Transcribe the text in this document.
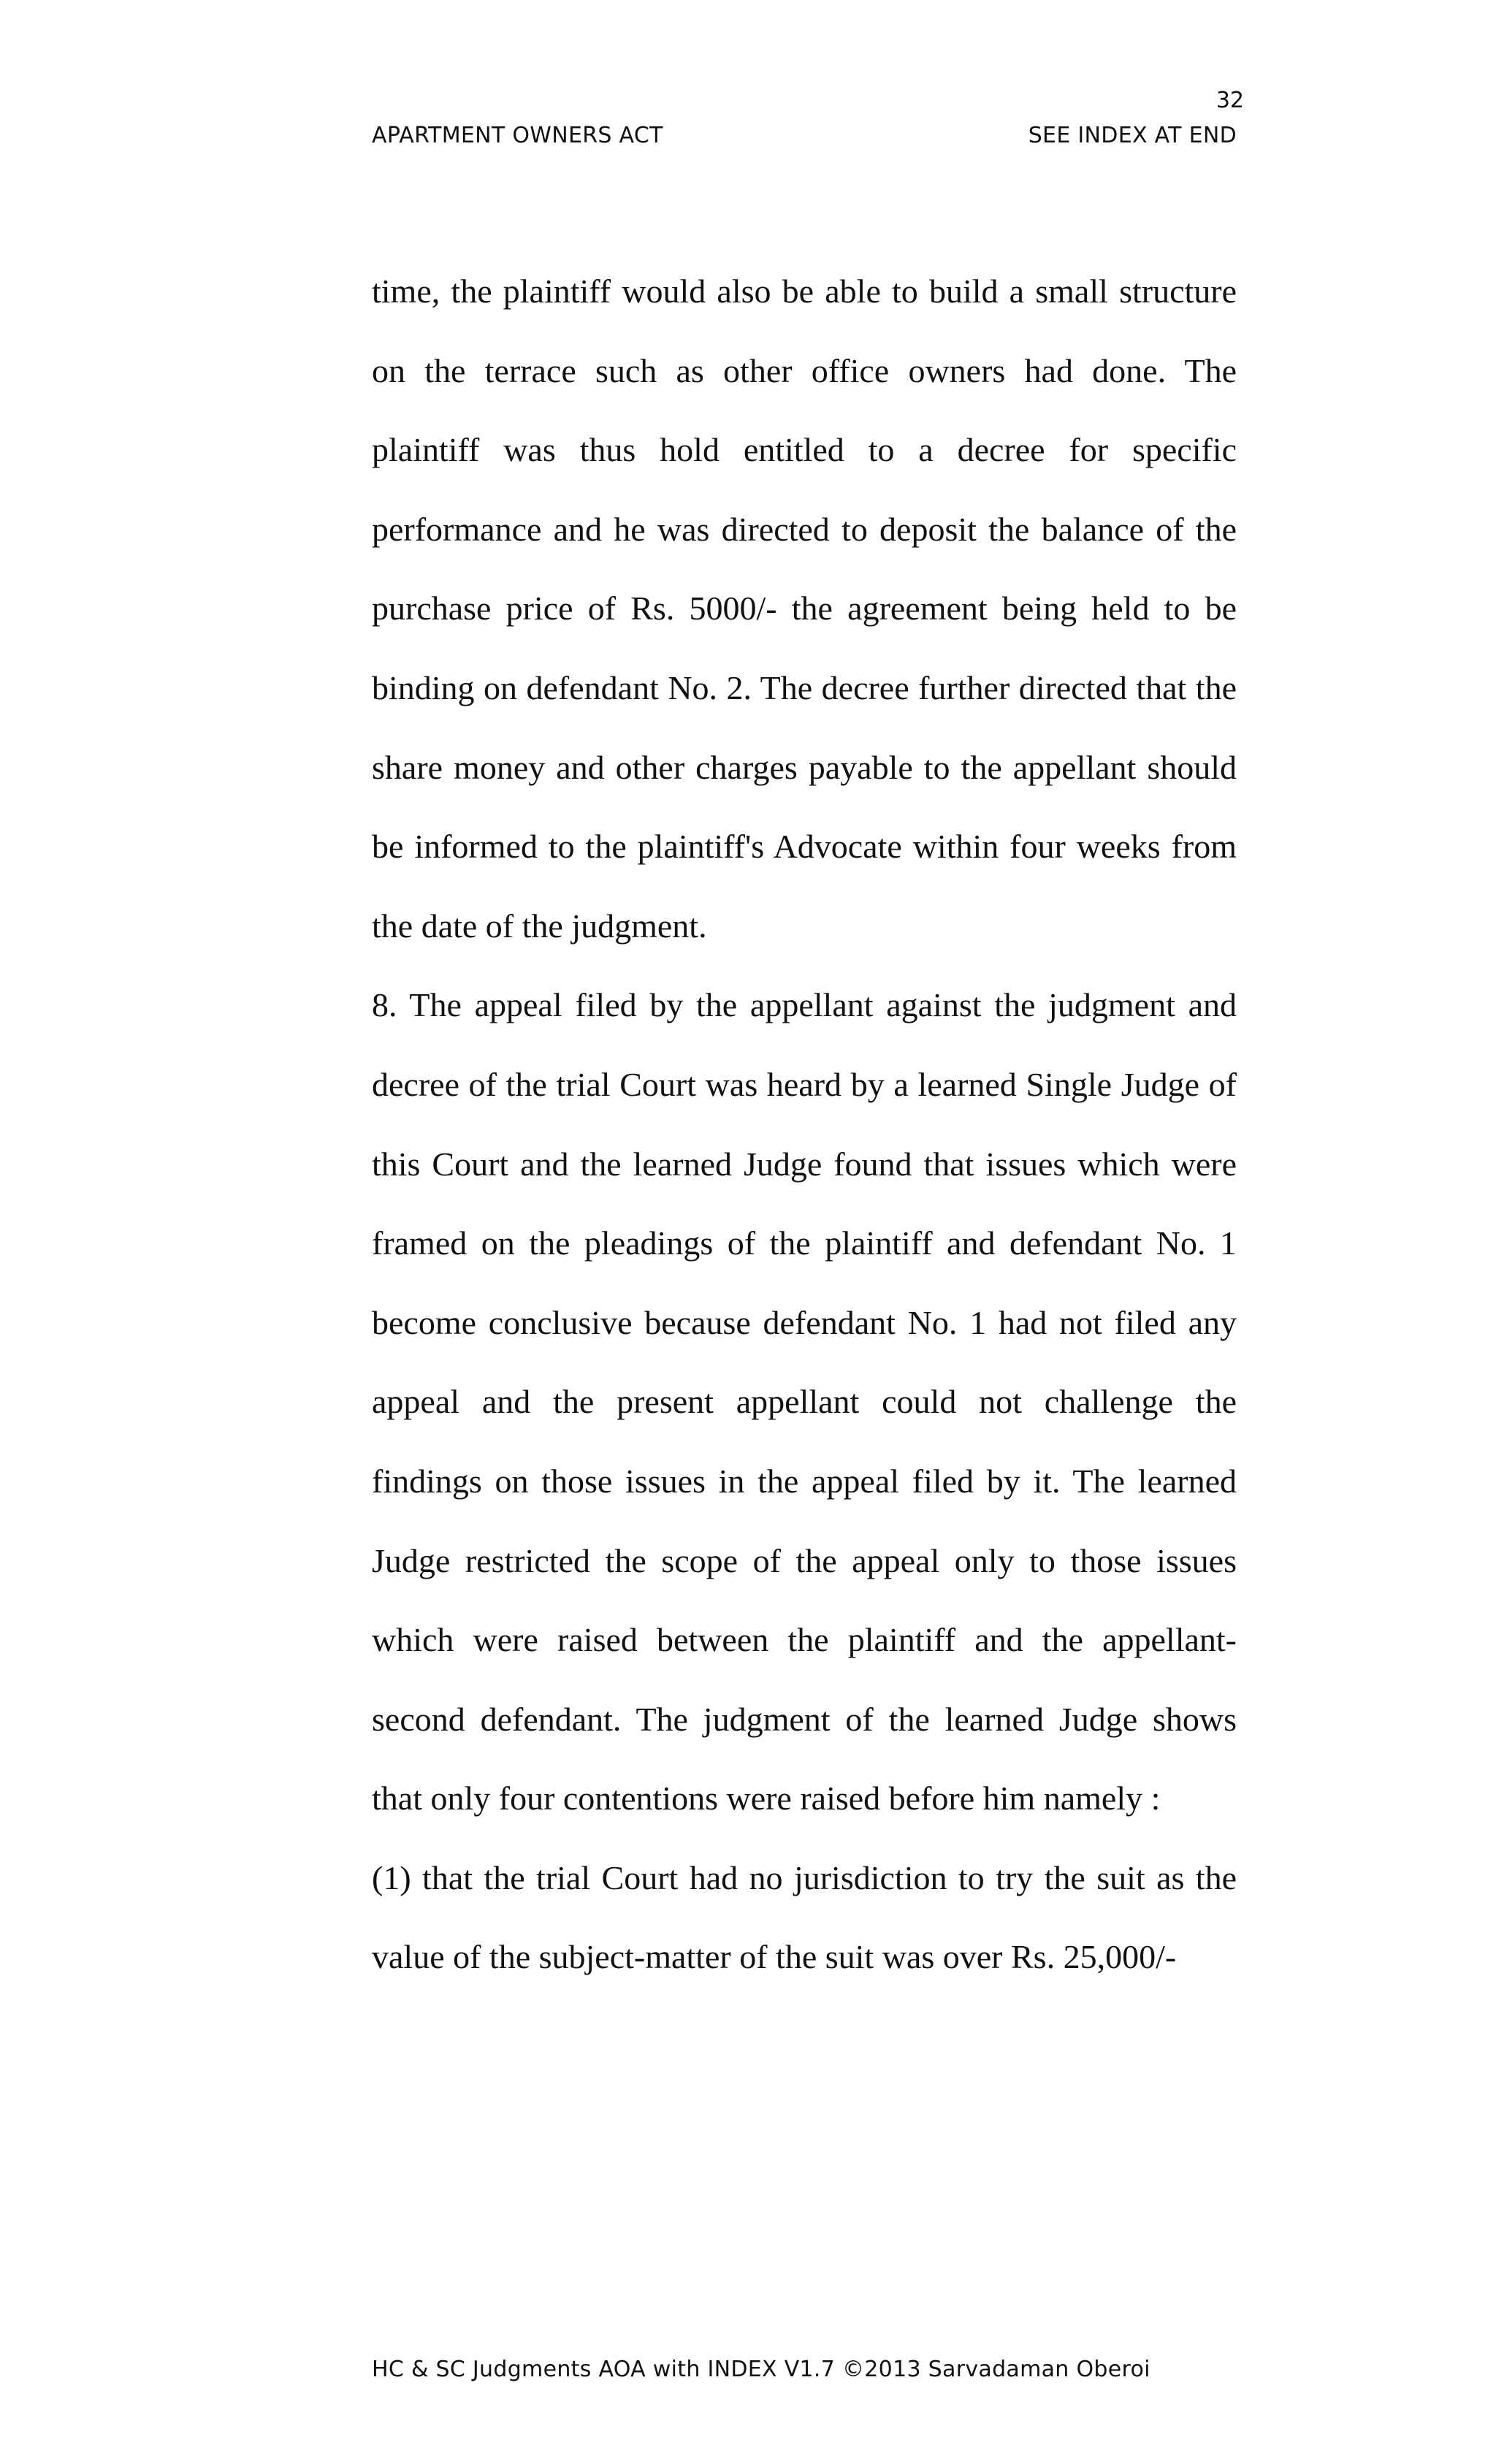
32
APARTMENT OWNERS ACT	SEE INDEX AT END

time, the plaintiff would also be able to build a small structure on the terrace such as other office owners had done. The plaintiff was thus hold entitled to a decree for specific performance and he was directed to deposit the balance of the purchase price of Rs. 5000/- the agreement being held to be binding on defendant No. 2. The decree further directed that the share money and other charges payable to the appellant should be informed to the plaintiff's Advocate within four weeks from the date of the judgment.

8. The appeal filed by the appellant against the judgment and decree of the trial Court was heard by a learned Single Judge of this Court and the learned Judge found that issues which were framed on the pleadings of the plaintiff and defendant No. 1 become conclusive because defendant No. 1 had not filed any appeal and the present appellant could not challenge the findings on those issues in the appeal filed by it. The learned Judge restricted the scope of the appeal only to those issues which were raised between the plaintiff and the appellant-second defendant. The judgment of the learned Judge shows that only four contentions were raised before him namely :

(1) that the trial Court had no jurisdiction to try the suit as the value of the subject-matter of the suit was over Rs. 25,000/-

HC & SC Judgments AOA with INDEX V1.7 ©2013 Sarvadaman Oberoi
